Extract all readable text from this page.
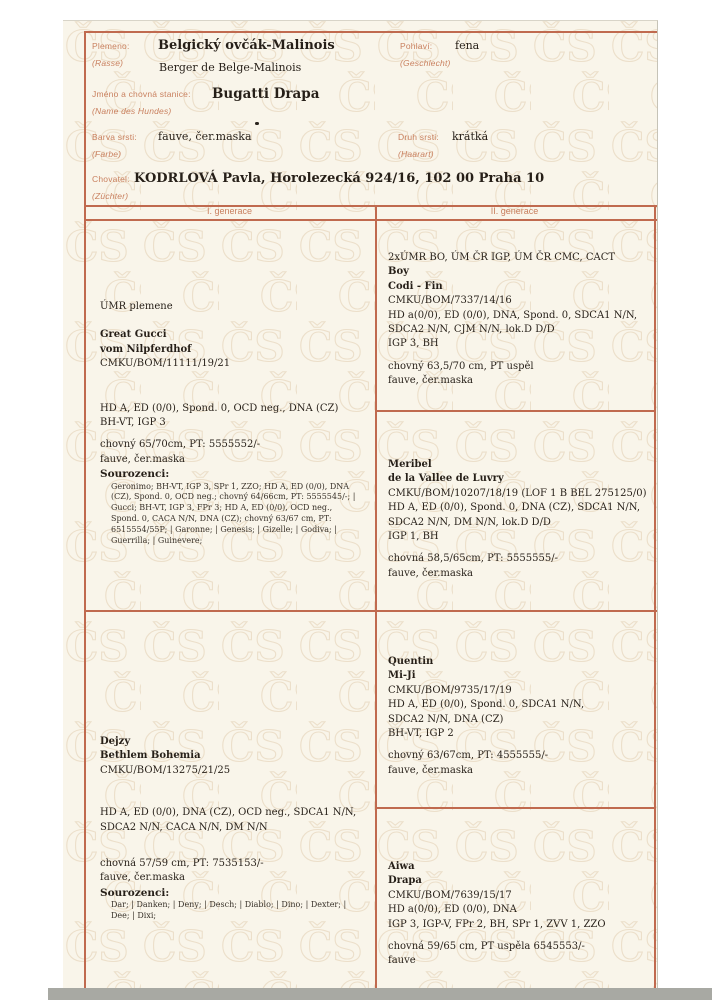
Plemeno:
(Rasse)
Belgický ovčák-Malinois
Berger de Belge-Malinois
Pohlaví:
(Geschlecht)
fena
Jméno a chovná stanice:
(Name des Hundes)
Bugatti Drapa
Barva srsti:
(Farbe)
fauve, čer.maska	Druh srsti:
(Haarart)
krátká
Chovatel:
(Züchter)
KODRLOVÁ Pavla, Horolezecká 924/16, 102 00 Praha 10
I. generace	II. generace
ÚMR plemene
Great Gucci
vom Nilpferdhof
CMKU/BOM/11111/19/21
HD A, ED (0/0), Spond. 0, OCD neg., DNA (CZ)
BH-VT, IGP 3
chovný 65/70cm, PT: 5555552/-
fauve, čer.maska
Sourozenci:
Geronimo; BH-VT, IGP 3, SPr 1, ZZO; HD A, ED (0/0), DNA (CZ), Spond. 0, OCD neg.; chovný 64/66cm, PT: 5555545/-; | Gucci; BH-VT, IGP 3, FPr 3; HD A, ED (0/0), OCD neg., Spond. 0, CACA N/N, DNA (CZ); chovný 63/67 cm, PT: 6515554/55P; | Garonne; | Genesis; | Gizelle; | Godiva; | Guerrilla; | Guinevere;
Dejzy
Bethlem Bohemia
CMKU/BOM/13275/21/25
HD A, ED (0/0), DNA (CZ), OCD neg., SDCA1 N/N,
SDCA2 N/N, CACA N/N, DM N/N
chovná 57/59 cm, PT: 7535153/-
fauve, čer.maska
Sourozenci:
Dar; | Danken; | Deny; | Desch; | Diablo; | Dino; | Dexter; | Dee; | Dixi;
2xÚMR BO, ÚM ČR IGP, ÚM ČR CMC, CACT
Boy
Codi - Fin
CMKU/BOM/7337/14/16
HD a(0/0), ED (0/0), DNA, Spond. 0, SDCA1 N/N,
SDCA2 N/N, CJM N/N, lok.D D/D
IGP 3, BH
chovný 63,5/70 cm, PT uspěl
fauve, čer.maska
Meribel
de la Vallee de Luvry
CMKU/BOM/10207/18/19 (LOF 1 B BEL 275125/0)
HD A, ED (0/0), Spond. 0, DNA (CZ), SDCA1 N/N,
SDCA2 N/N, DM N/N, lok.D D/D
IGP 1, BH
chovná 58,5/65cm, PT: 5555555/-
fauve, čer.maska
Quentin
Mi-Ji
CMKU/BOM/9735/17/19
HD A, ED (0/0), Spond. 0, SDCA1 N/N,
SDCA2 N/N, DNA (CZ)
BH-VT, IGP 2
chovný 63/67cm, PT: 4555555/-
fauve, čer.maska
Aiwa
Drapa
CMKU/BOM/7639/15/17
HD a(0/0), ED (0/0), DNA
IGP 3, IGP-V, FPr 2, BH, SPr 1, ZVV 1, ZZO
chovná 59/65 cm, PT uspěla 6545553/-
fauve
